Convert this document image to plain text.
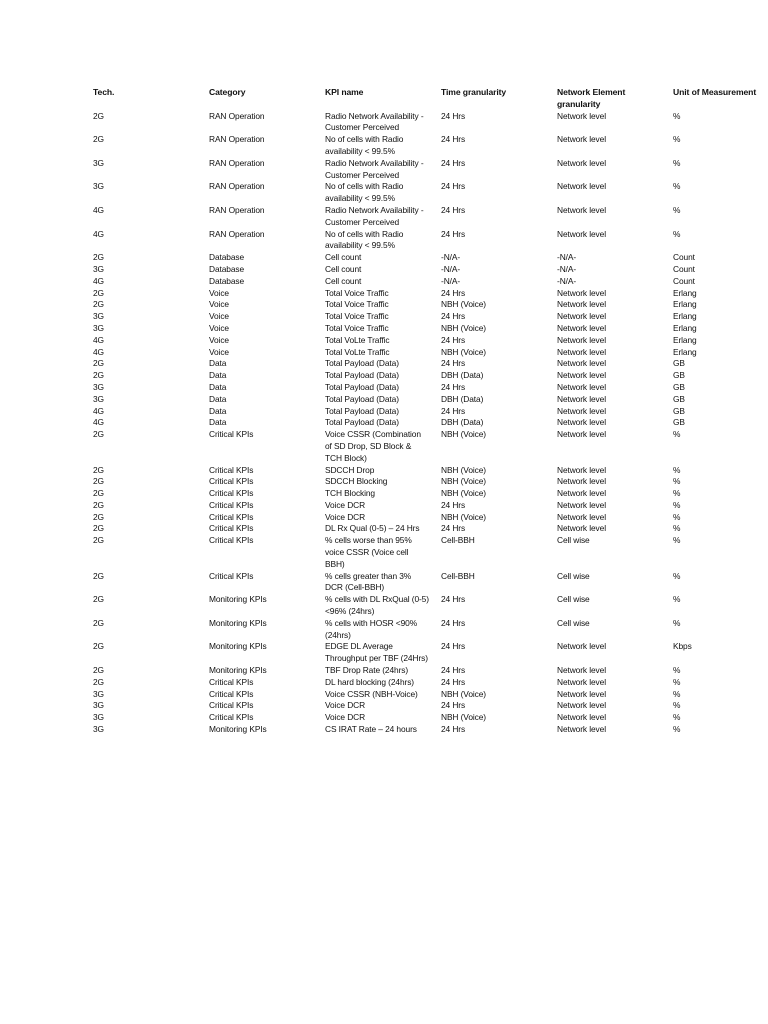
Tech.	Category	KPI name	Time granularity	Network Element granularity	Unit of Measurement
2G	RAN Operation	Radio Network Availability - Customer Perceived	24 Hrs	Network level	%
2G	RAN Operation	No of cells with Radio availability < 99.5%	24 Hrs	Network level	%
3G	RAN Operation	Radio Network Availability - Customer Perceived	24 Hrs	Network level	%
3G	RAN Operation	No of cells with Radio availability < 99.5%	24 Hrs	Network level	%
4G	RAN Operation	Radio Network Availability - Customer Perceived	24 Hrs	Network level	%
4G	RAN Operation	No of cells with Radio availability < 99.5%	24 Hrs	Network level	%
2G	Database	Cell count	-N/A-	-N/A-	Count
3G	Database	Cell count	-N/A-	-N/A-	Count
4G	Database	Cell count	-N/A-	-N/A-	Count
2G	Voice	Total Voice Traffic	24 Hrs	Network level	Erlang
2G	Voice	Total Voice Traffic	NBH (Voice)	Network level	Erlang
3G	Voice	Total Voice Traffic	24 Hrs	Network level	Erlang
3G	Voice	Total Voice Traffic	NBH (Voice)	Network level	Erlang
4G	Voice	Total VoLte Traffic	24 Hrs	Network level	Erlang
4G	Voice	Total VoLte Traffic	NBH (Voice)	Network level	Erlang
2G	Data	Total Payload (Data)	24 Hrs	Network level	GB
2G	Data	Total Payload (Data)	DBH (Data)	Network level	GB
3G	Data	Total Payload (Data)	24 Hrs	Network level	GB
3G	Data	Total Payload (Data)	DBH (Data)	Network level	GB
4G	Data	Total Payload (Data)	24 Hrs	Network level	GB
4G	Data	Total Payload (Data)	DBH (Data)	Network level	GB
2G	Critical KPIs	Voice CSSR (Combination of SD Drop, SD Block & TCH Block)	NBH (Voice)	Network level	%
2G	Critical KPIs	SDCCH Drop	NBH (Voice)	Network level	%
2G	Critical KPIs	SDCCH Blocking	NBH (Voice)	Network level	%
2G	Critical KPIs	TCH Blocking	NBH (Voice)	Network level	%
2G	Critical KPIs	Voice DCR	24 Hrs	Network level	%
2G	Critical KPIs	Voice DCR	NBH (Voice)	Network level	%
2G	Critical KPIs	DL Rx Qual (0-5) – 24 Hrs	24 Hrs	Network level	%
2G	Critical KPIs	% cells worse than 95% voice CSSR (Voice cell BBH)	Cell-BBH	Cell wise	%
2G	Critical KPIs	% cells greater than 3% DCR (Cell-BBH)	Cell-BBH	Cell wise	%
2G	Monitoring KPIs	% cells with DL RxQual (0-5) <96% (24hrs)	24 Hrs	Cell wise	%
2G	Monitoring KPIs	% cells with HOSR <90% (24hrs)	24 Hrs	Cell wise	%
2G	Monitoring KPIs	EDGE DL Average Throughput per TBF (24Hrs)	24 Hrs	Network level	Kbps
2G	Monitoring KPIs	TBF Drop Rate (24hrs)	24 Hrs	Network level	%
2G	Critical KPIs	DL hard blocking (24hrs)	24 Hrs	Network level	%
3G	Critical KPIs	Voice CSSR (NBH-Voice)	NBH (Voice)	Network level	%
3G	Critical KPIs	Voice DCR	24 Hrs	Network level	%
3G	Critical KPIs	Voice DCR	NBH (Voice)	Network level	%
3G	Monitoring KPIs	CS IRAT Rate – 24 hours	24 Hrs	Network level	%
